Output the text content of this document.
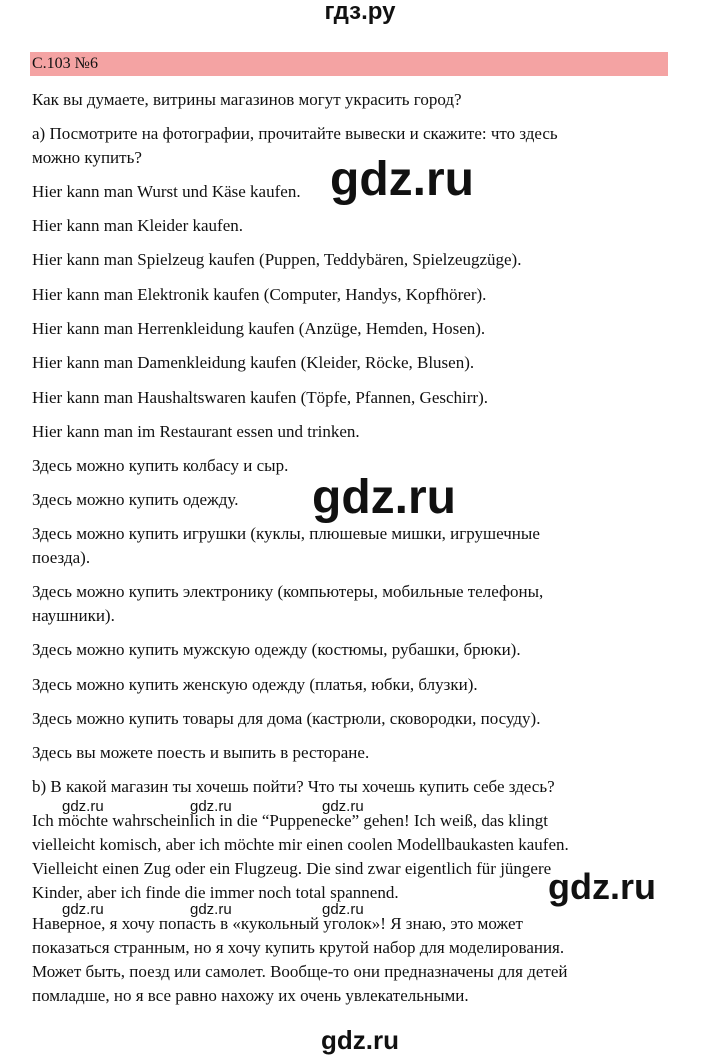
гдз.ру
С.103 №6
Как вы думаете, витрины магазинов могут украсить город?
а) Посмотрите на фотографии, прочитайте вывески и скажите: что здесь
можно купить?
Hier kann man Wurst und Käse kaufen.
Hier kann man Kleider kaufen.
Hier kann man Spielzeug kaufen (Puppen, Teddybären, Spielzeugzüge).
Hier kann man Elektronik kaufen (Computer, Handys, Kopfhörer).
Hier kann man Herrenkleidung kaufen (Anzüge, Hemden, Hosen).
Hier kann man Damenkleidung kaufen (Kleider, Röcke, Blusen).
Hier kann man Haushaltswaren kaufen (Töpfe, Pfannen, Geschirr).
Hier kann man im Restaurant essen und trinken.
Здесь можно купить колбасу и сыр.
Здесь можно купить одежду.
Здесь можно купить игрушки (куклы, плюшевые мишки, игрушечные
поезда).
Здесь можно купить электронику (компьютеры, мобильные телефоны,
наушники).
Здесь можно купить мужскую одежду (костюмы, рубашки, брюки).
Здесь можно купить женскую одежду (платья, юбки, блузки).
Здесь можно купить товары для дома (кастрюли, сковородки, посуду).
Здесь вы можете поесть и выпить в ресторане.
b) В какой магазин ты хочешь пойти? Что ты хочешь купить себе здесь?
Ich möchte wahrscheinlich in die “Puppenecke” gehen! Ich weiß, das klingt
vielleicht komisch, aber ich möchte mir einen coolen Modellbaukasten kaufen.
Vielleicht einen Zug oder ein Flugzeug. Die sind zwar eigentlich für jüngere
Kinder, aber ich finde die immer noch total spannend.
Наверное, я хочу попасть в «кукольный уголок»! Я знаю, это может
показаться странным, но я хочу купить крутой набор для моделирования.
Может быть, поезд или самолет. Вообще-то они предназначены для детей
помладше, но я все равно нахожу их очень увлекательными.
gdz.ru
gdz.ru
gdz.ru
gdz.ru	gdz.ru	gdz.ru
gdz.ru	gdz.ru	gdz.ru
gdz.ru
